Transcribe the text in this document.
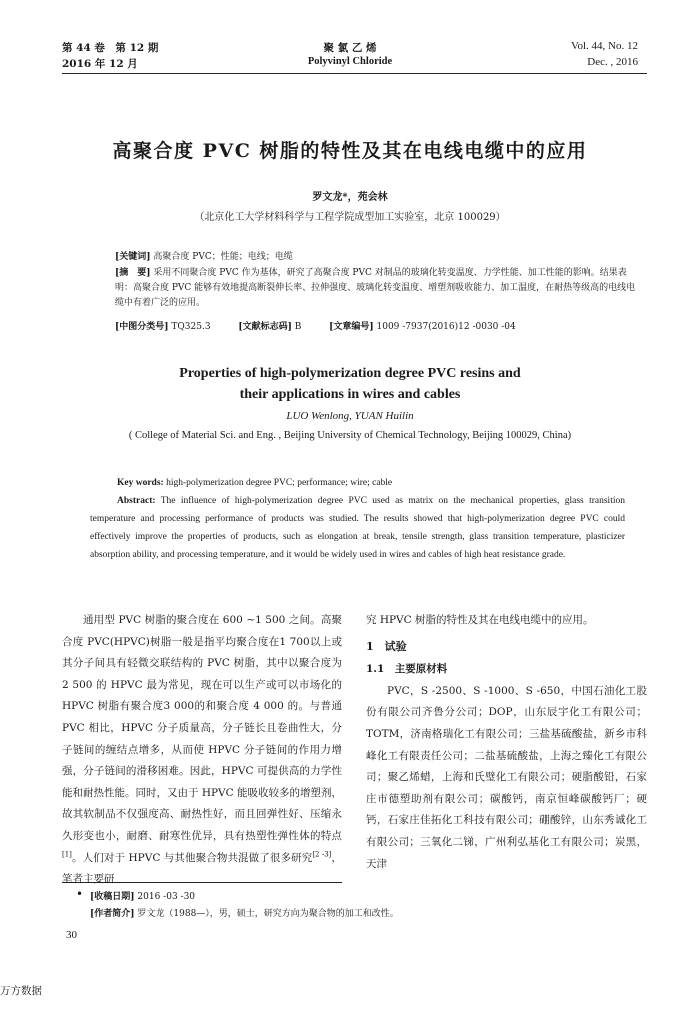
第 44 卷　第 12 期
2016 年 12 月
聚 氯 乙 烯
Polyvinyl Chloride
Vol. 44, No. 12
Dec. , 2016
高聚合度 PVC 树脂的特性及其在电线电缆中的应用
罗文龙*，苑会林
（北京化工大学材料科学与工程学院成型加工实验室，北京 100029）
[关键词] 高聚合度 PVC；性能；电线；电缆
[摘　要] 采用不同聚合度 PVC 作为基体，研究了高聚合度 PVC 对制品的玻璃化转变温度、力学性能、加工性能的影响。结果表明：高聚合度 PVC 能够有效地提高断裂伸长率、拉伸强度、玻璃化转变温度、增塑剂吸收能力、加工温度，在耐热等级高的电线电缆中有着广泛的应用。
[中图分类号] TQ325.3	[文献标志码] B	[文章编号] 1009 -7937(2016)12 -0030 -04
Properties of high-polymerization degree PVC resins and
their applications in wires and cables
LUO Wenlong, YUAN Huilin
( College of Material Sci. and Eng. , Beijing University of Chemical Technology, Beijing 100029, China)
Key words: high-polymerization degree PVC; performance; wire; cable
Abstract: The influence of high-polymerization degree PVC used as matrix on the mechanical properties, glass transition temperature and processing performance of products was studied. The results showed that high-polymerization degree PVC could effectively improve the properties of products, such as elongation at break, tensile strength, glass transition temperature, plasticizer absorption ability, and processing temperature, and it would be widely used in wires and cables of high heat resistance grade.

通用型 PVC 树脂的聚合度在 600 ~1 500 之间。高聚合度 PVC(HPVC)树脂一般是指平均聚合度在1 700以上或其分子间具有轻微交联结构的 PVC 树脂，其中以聚合度为 2 500 的 HPVC 最为常见，现在可以生产或可以市场化的 HPVC 树脂有聚合度3 000的和聚合度 4 000 的。与普通 PVC 相比，HPVC 分子质量高，分子链长且卷曲性大，分子链间的缠结点增多，从而使 HPVC 分子链间的作用力增强，分子链间的滑移困难。因此，HPVC 可提供高的力学性能和耐热性能。同时，又由于 HPVC 能吸收较多的增塑剂，故其软制品不仅强度高、耐热性好，而且回弹性好、压缩永久形变也小，耐磨、耐寒性优异，具有热塑性弹性体的特点[1]。人们对于 HPVC 与其他聚合物共混做了很多研究[2 -3]，笔者主要研

究 HPVC 树脂的特性及其在电线电缆中的应用。
1　试验
1.1　主要原材料

PVC，S -2500、S -1000、S -650，中国石油化工股份有限公司齐鲁分公司；DOP，山东辰宇化工有限公司；TOTM，济南格瑞化工有限公司；三盐基硫酸盐，新乡市科峰化工有限责任公司；二盐基硫酸盐，上海之臻化工有限公司；聚乙烯蜡，上海和氏璧化工有限公司；硬脂酸铅，石家庄市德塑助剂有限公司；碳酸钙，南京恒峰碳酸钙厂；硬钙，石家庄佳拓化工科技有限公司；硼酸锌，山东秀诚化工有限公司；三氧化二锑，广州利弘基化工有限公司；炭黑，天津

• [收稿日期] 2016 -03 -30
[作者简介] 罗文龙（1988—），男，硕士，研究方向为聚合物的加工和改性。
30
万方数据
